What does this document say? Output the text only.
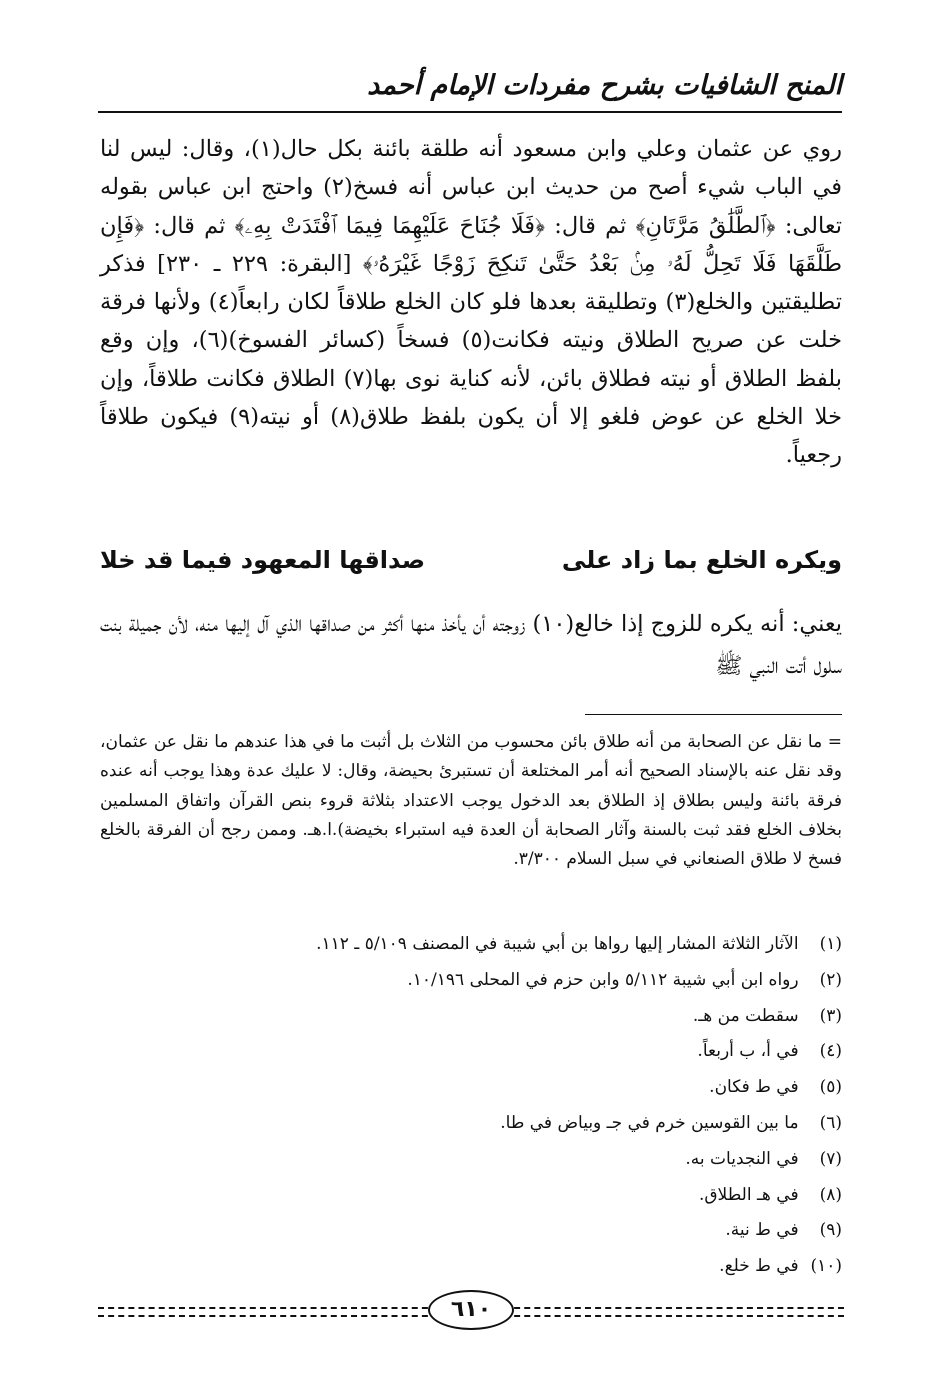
المنح الشافيات بشرح مفردات الإمام أحمد

روي عن عثمان وعلي وابن مسعود أنه طلقة بائنة بكل حال(١)، وقال: ليس لنا في الباب شيء أصح من حديث ابن عباس أنه فسخ(٢) واحتج ابن عباس بقوله تعالى: ﴿ٱلطَّلَٰقُ مَرَّتَانِ﴾ ثم قال: ﴿فَلَا جُنَاحَ عَلَيْهِمَا فِيمَا ٱفْتَدَتْ بِهِۦ﴾ ثم قال: ﴿فَإِن طَلَّقَهَا فَلَا تَحِلُّ لَهُۥ مِنۢ بَعْدُ حَتَّىٰ تَنكِحَ زَوْجًا غَيْرَهُۥ﴾ [البقرة: ٢٢٩ ـ ٢٣٠] فذكر تطليقتين والخلع(٣) وتطليقة بعدها فلو كان الخلع طلاقاً لكان رابعاً(٤) ولأنها فرقة خلت عن صريح الطلاق ونيته فكانت(٥) فسخاً (كسائر الفسوخ)(٦)، وإن وقع بلفظ الطلاق أو نيته فطلاق بائن، لأنه كناية نوى بها(٧) الطلاق فكانت طلاقاً، وإن خلا الخلع عن عوض فلغو إلا أن يكون بلفظ طلاق(٨) أو نيته(٩) فيكون طلاقاً رجعياً.

ويكره الخلع بما زاد على
صداقها المعهود فيما قد خلا

يعني: أنه يكره للزوج إذا خالع(١٠) زوجته أن يأخذ منها أكثر من صداقها الذي آل إليها منه، لأن جميلة بنت سلول أتت النبي ﷺ

= ما نقل عن الصحابة من أنه طلاق بائن محسوب من الثلاث بل أثبت ما في هذا عندهم ما نقل عن عثمان، وقد نقل عنه بالإسناد الصحيح أنه أمر المختلعة أن تستبرئ بحيضة، وقال: لا عليك عدة وهذا يوجب أنه عنده فرقة بائنة وليس بطلاق إذ الطلاق بعد الدخول يوجب الاعتداد بثلاثة قروء بنص القرآن واتفاق المسلمين بخلاف الخلع فقد ثبت بالسنة وآثار الصحابة أن العدة فيه استبراء بخيضة).ا.هـ. وممن رجح أن الفرقة بالخلع فسخ لا طلاق الصنعاني في سبل السلام ٣/٣٠٠.

(١) الآثار الثلاثة المشار إليها رواها بن أبي شيبة في المصنف ٥/١٠٩ ـ ١١٢.
(٢) رواه ابن أبي شيبة ٥/١١٢ وابن حزم في المحلى ١٠/١٩٦.
(٣) سقطت من هـ.
(٤) في أ، ب أربعاً.
(٥) في ط فكان.
(٦) ما بين القوسين خرم في جـ وبياض في طا.
(٧) في النجديات به.
(٨) في هـ الطلاق.
(٩) في ط نية.
(١٠) في ط خلع.
٦١٠
